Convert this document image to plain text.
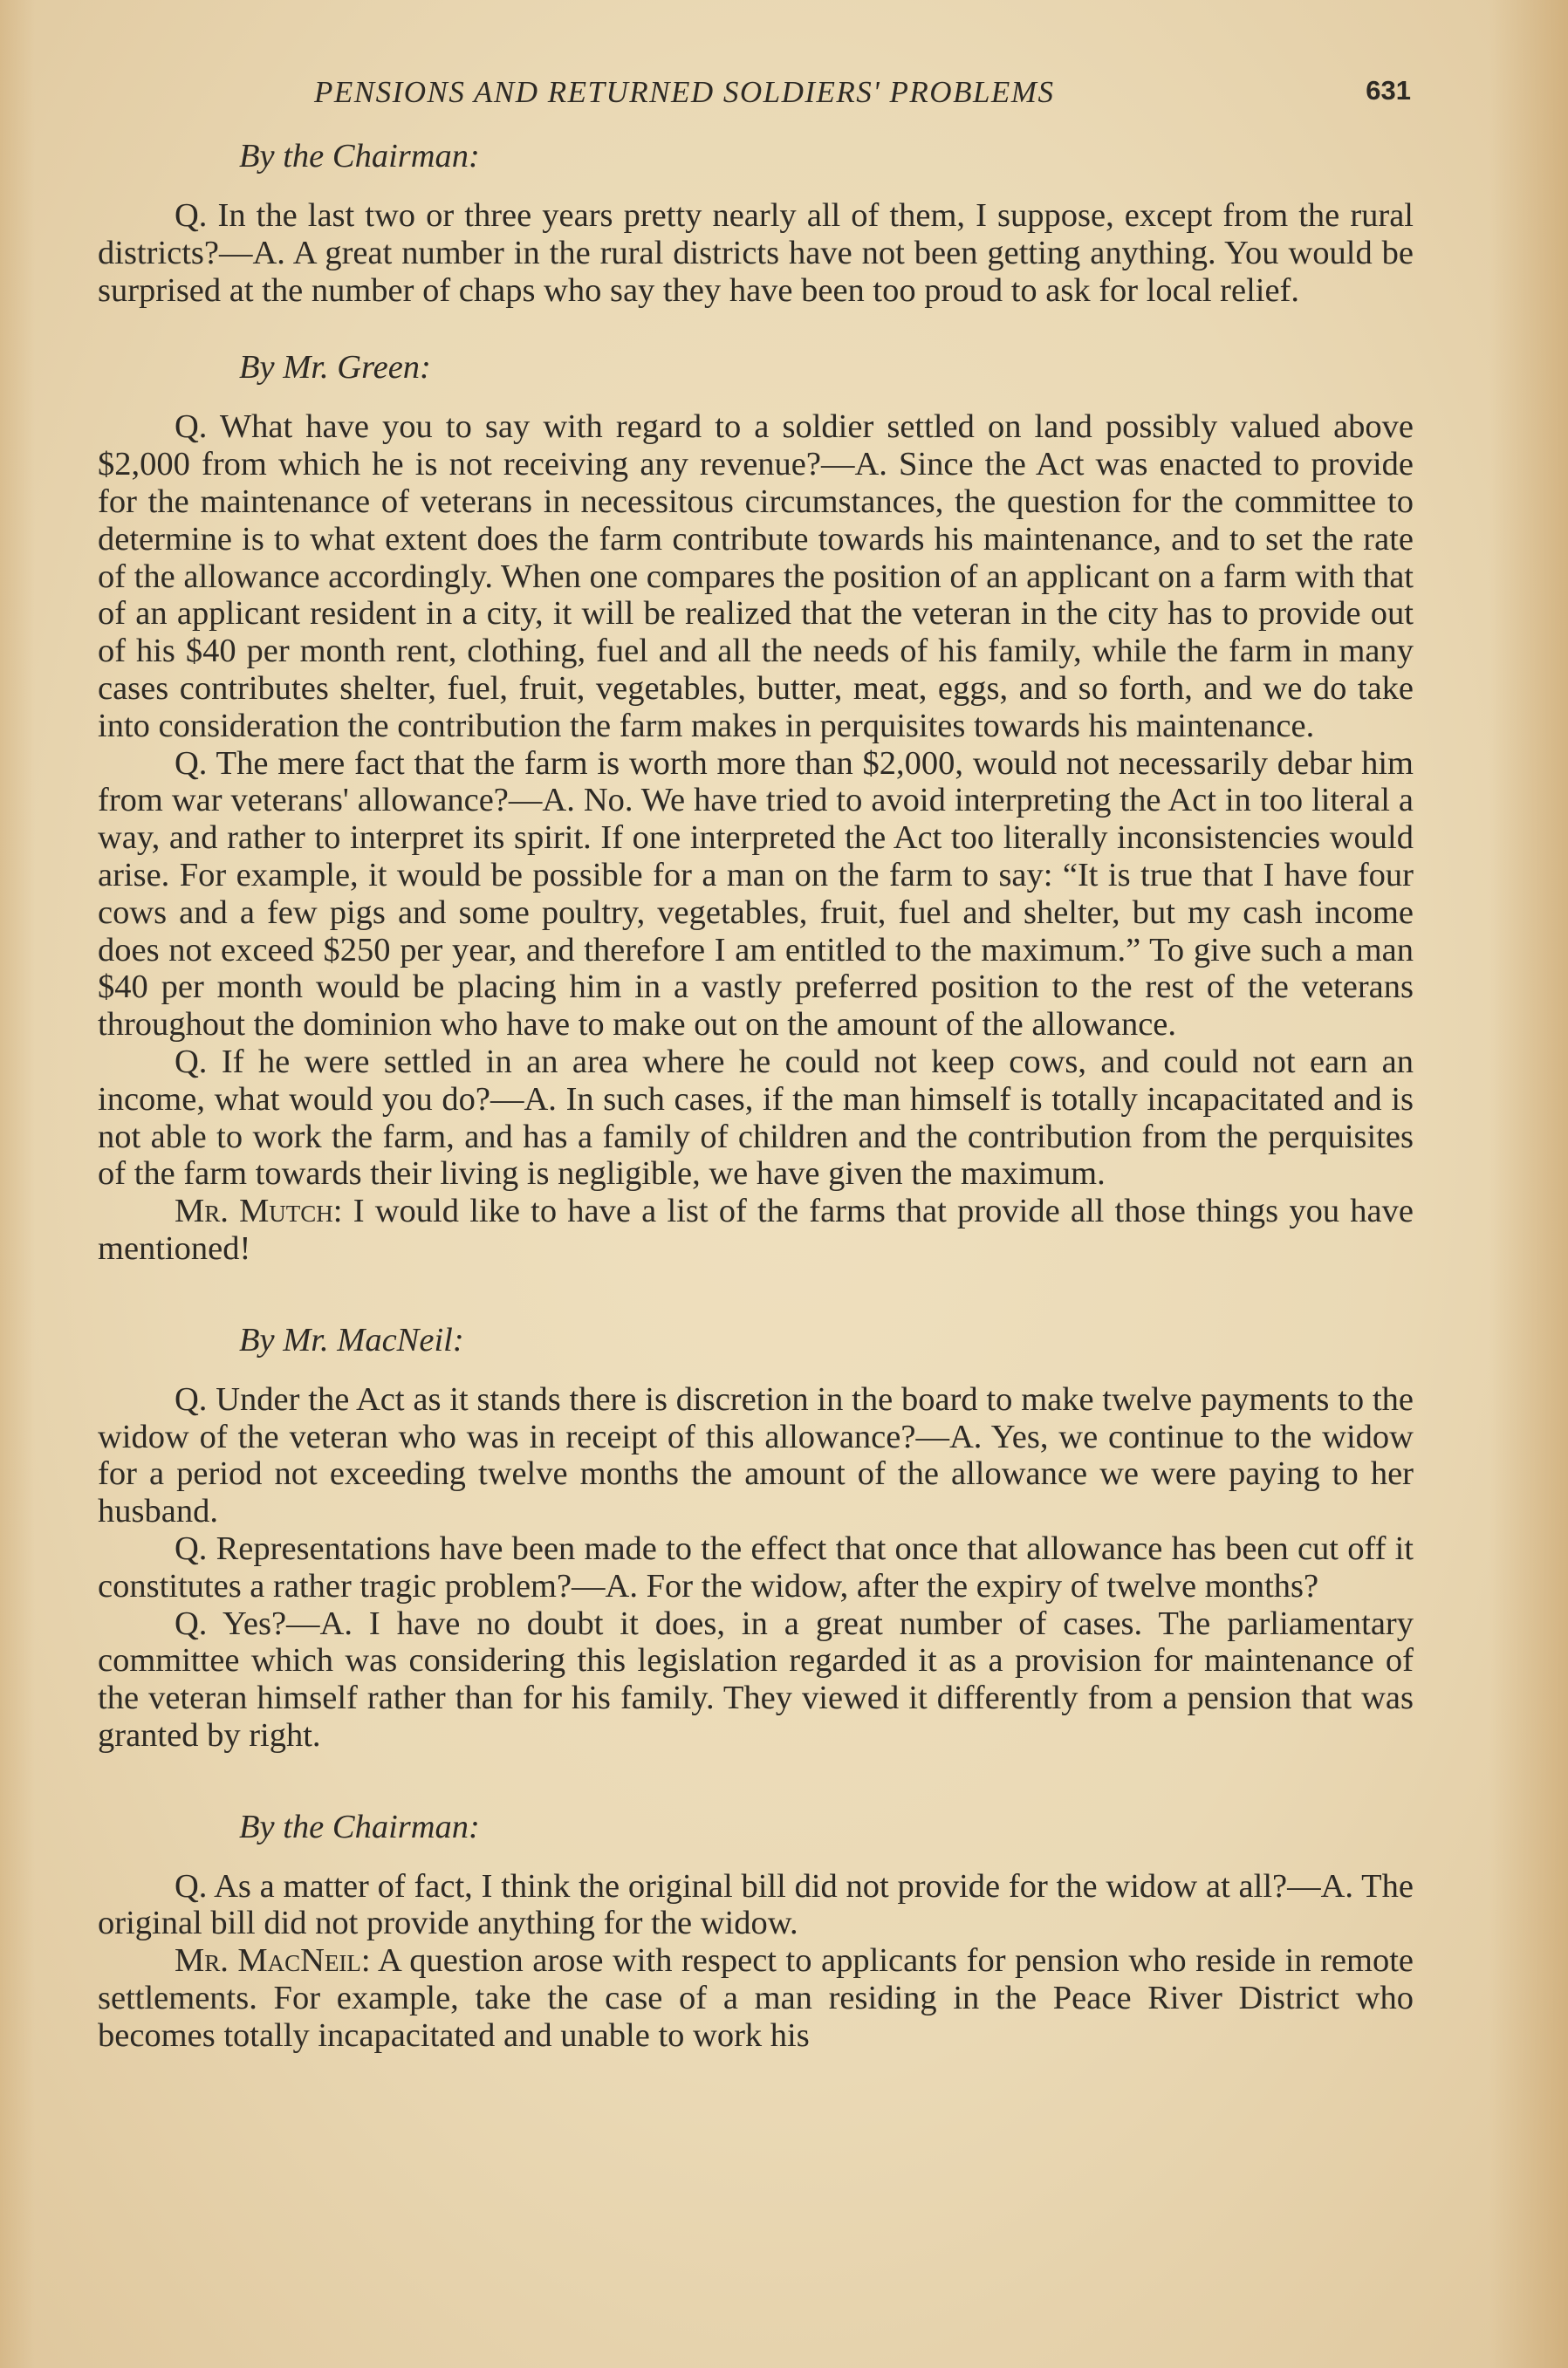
PENSIONS AND RETURNED SOLDIERS' PROBLEMS	631
By the Chairman:

Q. In the last two or three years pretty nearly all of them, I suppose, except from the rural districts?—A. A great number in the rural districts have not been getting anything. You would be surprised at the number of chaps who say they have been too proud to ask for local relief.

By Mr. Green:

Q. What have you to say with regard to a soldier settled on land possibly valued above $2,000 from which he is not receiving any revenue?—A. Since the Act was enacted to provide for the maintenance of veterans in necessitous circumstances, the question for the committee to determine is to what extent does the farm contribute towards his maintenance, and to set the rate of the allowance accordingly. When one compares the position of an applicant on a farm with that of an applicant resident in a city, it will be realized that the veteran in the city has to provide out of his $40 per month rent, clothing, fuel and all the needs of his family, while the farm in many cases contributes shelter, fuel, fruit, vegetables, butter, meat, eggs, and so forth, and we do take into consideration the contribution the farm makes in perquisites towards his maintenance.

Q. The mere fact that the farm is worth more than $2,000, would not necessarily debar him from war veterans' allowance?—A. No. We have tried to avoid interpreting the Act in too literal a way, and rather to interpret its spirit. If one interpreted the Act too literally inconsistencies would arise. For example, it would be possible for a man on the farm to say: “It is true that I have four cows and a few pigs and some poultry, vegetables, fruit, fuel and shelter, but my cash income does not exceed $250 per year, and therefore I am entitled to the maximum.” To give such a man $40 per month would be placing him in a vastly preferred position to the rest of the veterans throughout the dominion who have to make out on the amount of the allowance.

Q. If he were settled in an area where he could not keep cows, and could not earn an income, what would you do?—A. In such cases, if the man himself is totally incapacitated and is not able to work the farm, and has a family of children and the contribution from the perquisites of the farm towards their living is negligible, we have given the maximum.

Mr. Mutch: I would like to have a list of the farms that provide all those things you have mentioned!

By Mr. MacNeil:

Q. Under the Act as it stands there is discretion in the board to make twelve payments to the widow of the veteran who was in receipt of this allowance?—A. Yes, we continue to the widow for a period not exceeding twelve months the amount of the allowance we were paying to her husband.

Q. Representations have been made to the effect that once that allowance has been cut off it constitutes a rather tragic problem?—A. For the widow, after the expiry of twelve months?

Q. Yes?—A. I have no doubt it does, in a great number of cases. The parliamentary committee which was considering this legislation regarded it as a provision for maintenance of the veteran himself rather than for his family. They viewed it differently from a pension that was granted by right.

By the Chairman:

Q. As a matter of fact, I think the original bill did not provide for the widow at all?—A. The original bill did not provide anything for the widow.

Mr. MacNeil: A question arose with respect to applicants for pension who reside in remote settlements. For example, take the case of a man residing in the Peace River District who becomes totally incapacitated and unable to work his
